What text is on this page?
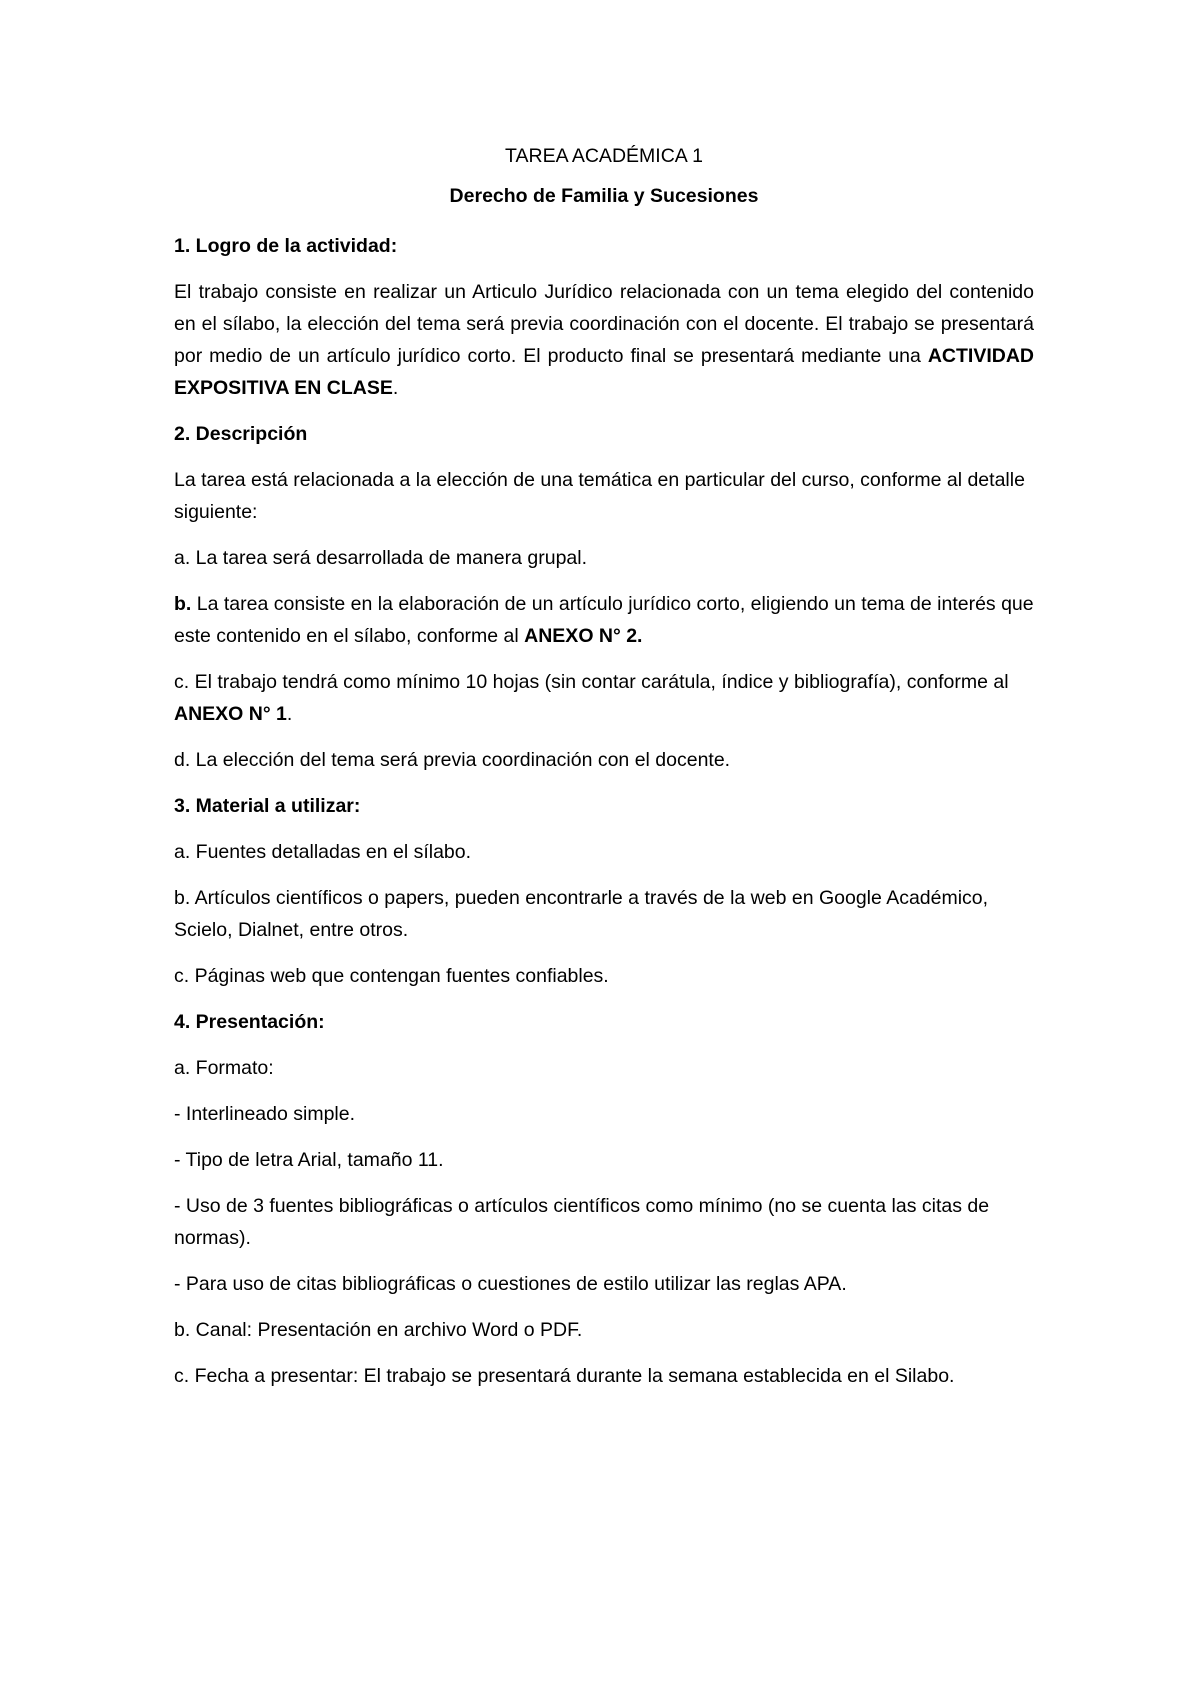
TAREA ACADÉMICA 1
Derecho de Familia y Sucesiones
1. Logro de la actividad:

El trabajo consiste en realizar un Articulo Jurídico relacionada con un tema elegido del contenido en el sílabo, la elección del tema será previa coordinación con el docente. El trabajo se presentará por medio de un artículo jurídico corto. El producto final se presentará mediante una ACTIVIDAD EXPOSITIVA EN CLASE.

2. Descripción

La tarea está relacionada a la elección de una temática en particular del curso, conforme al detalle siguiente:

a. La tarea será desarrollada de manera grupal.

b. La tarea consiste en la elaboración de un artículo jurídico corto, eligiendo un tema de interés que este contenido en el sílabo, conforme al ANEXO N° 2.

c. El trabajo tendrá como mínimo 10 hojas (sin contar carátula, índice y bibliografía), conforme al ANEXO N° 1.

d. La elección del tema será previa coordinación con el docente.

3. Material a utilizar:

a. Fuentes detalladas en el sílabo.

b. Artículos científicos o papers, pueden encontrarle a través de la web en Google Académico, Scielo, Dialnet, entre otros.

c. Páginas web que contengan fuentes confiables.

4. Presentación:

a. Formato:

- Interlineado simple.

- Tipo de letra Arial, tamaño 11.

- Uso de 3 fuentes bibliográficas o artículos científicos como mínimo (no se cuenta las citas de normas).

- Para uso de citas bibliográficas o cuestiones de estilo utilizar las reglas APA.

b. Canal: Presentación en archivo Word o PDF.

c. Fecha a presentar: El trabajo se presentará durante la semana establecida en el Silabo.
